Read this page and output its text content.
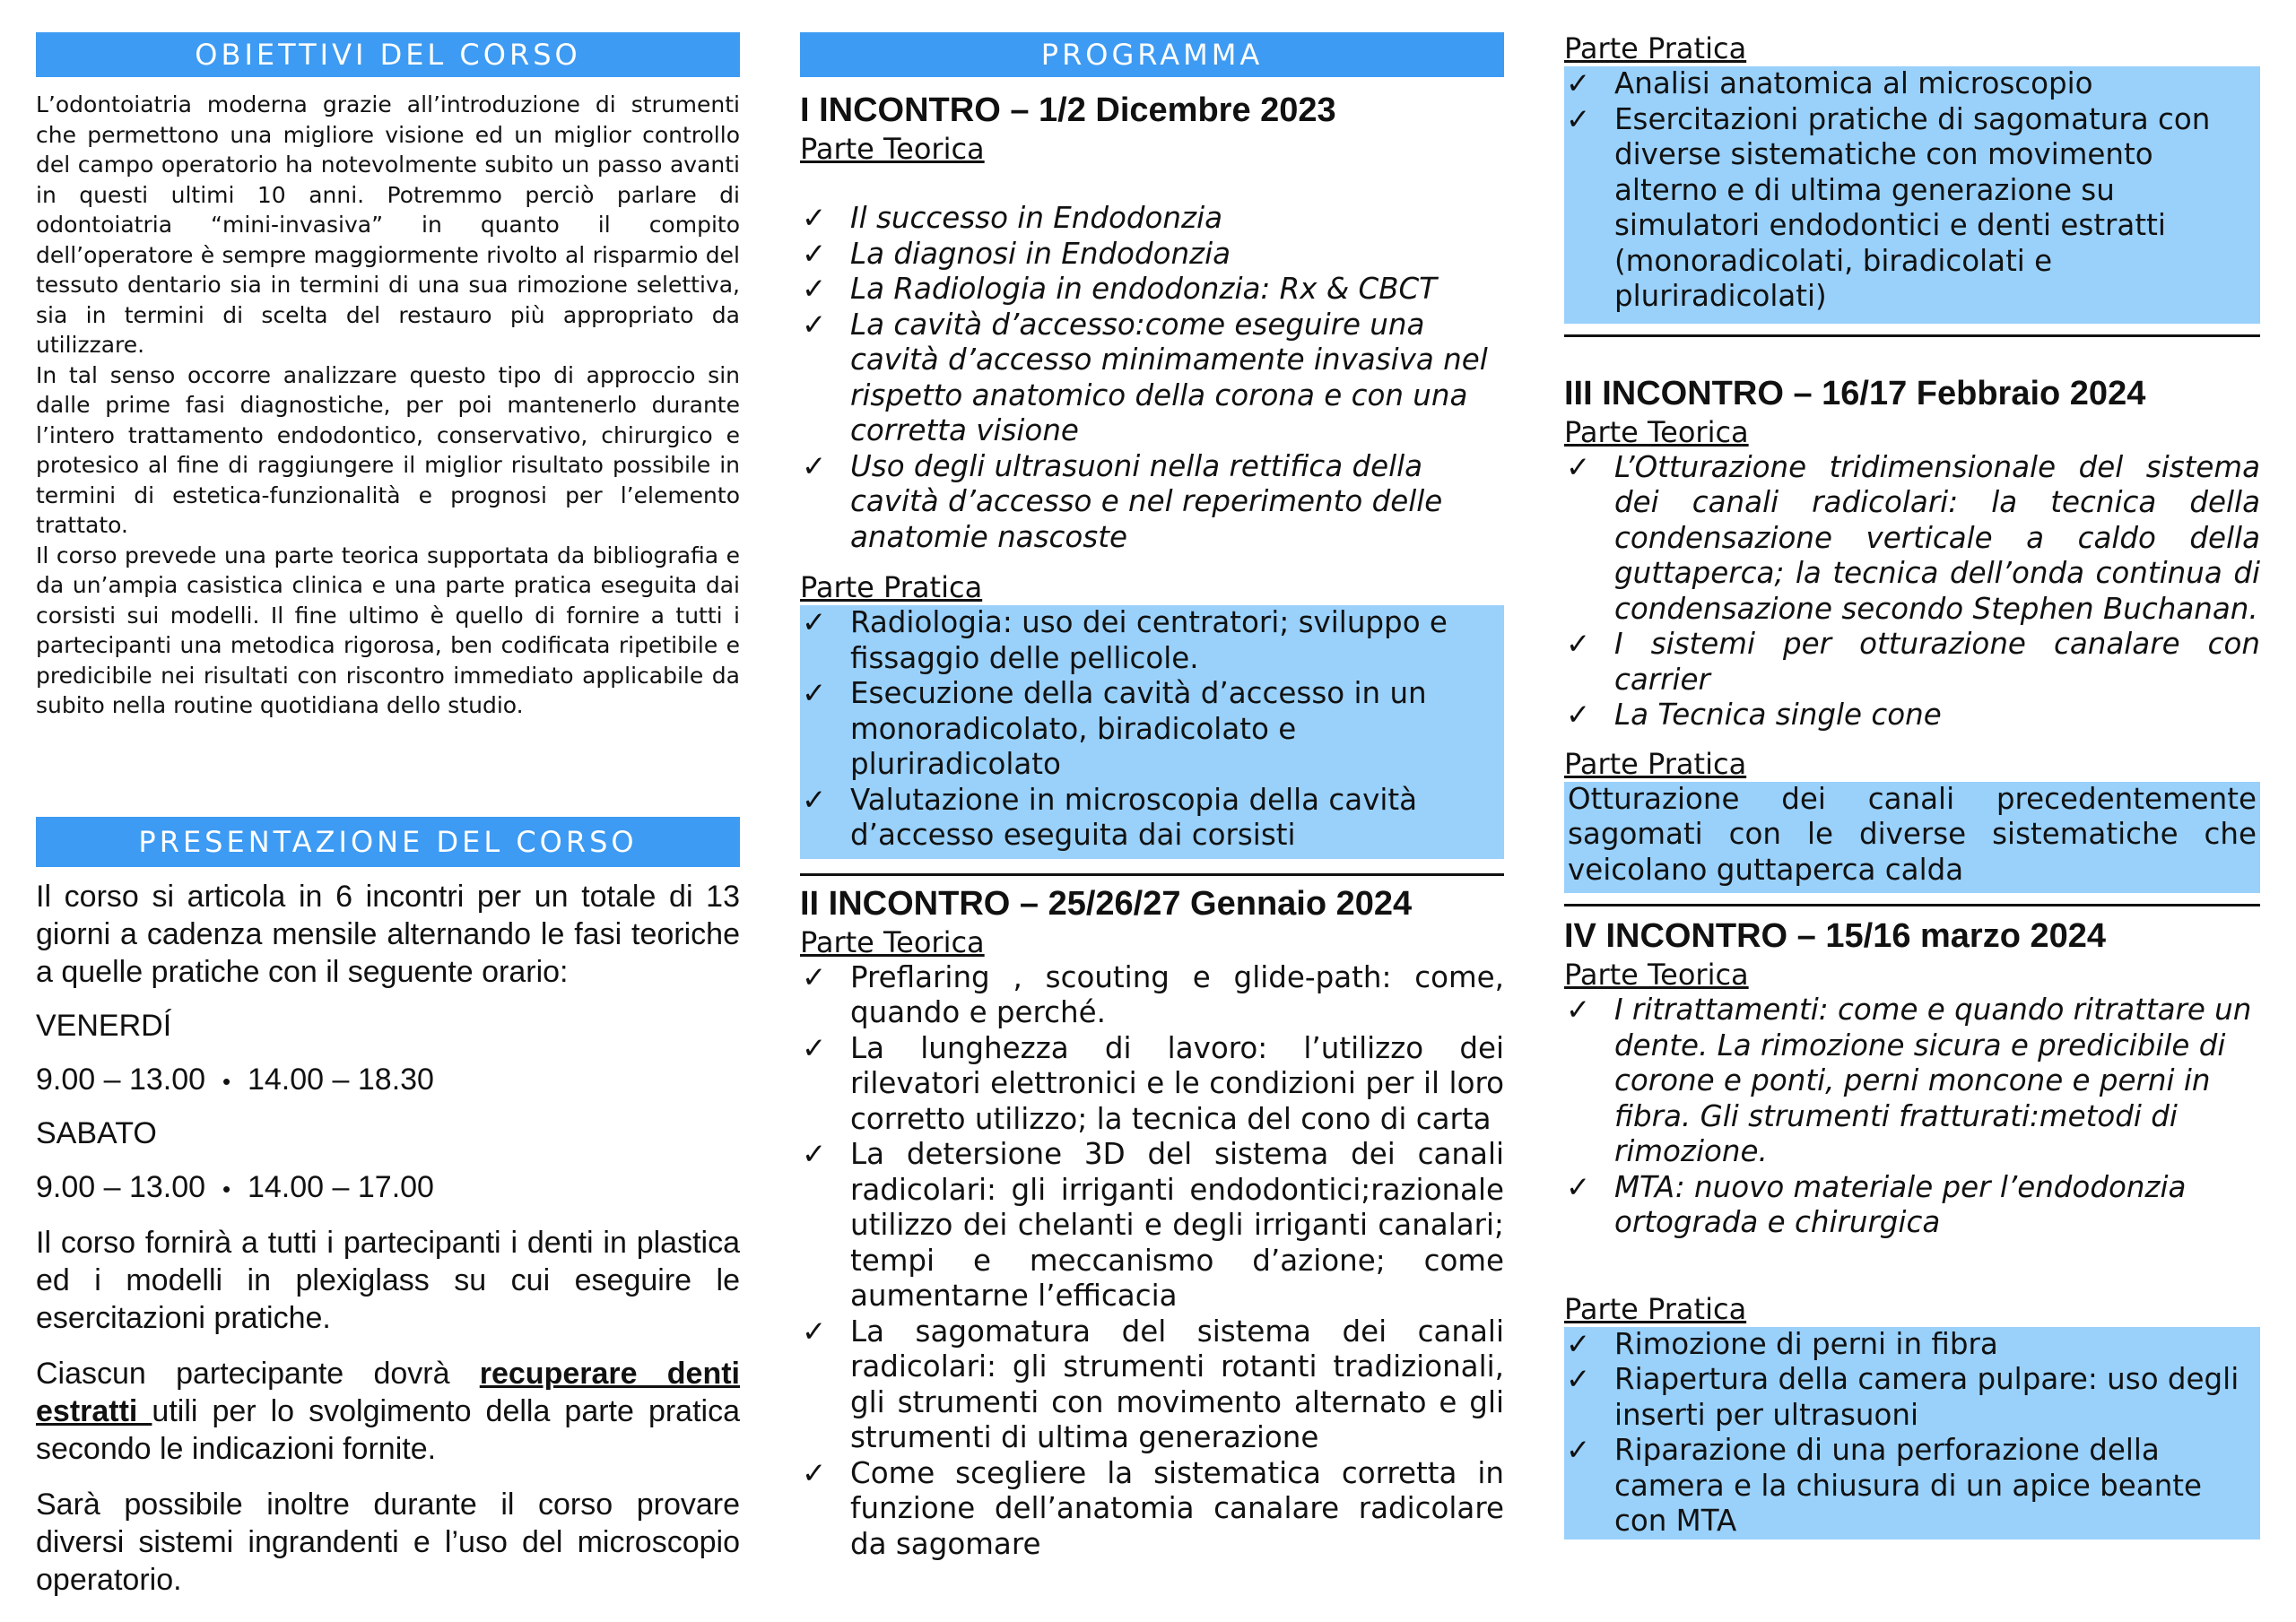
OBIETTIVI DEL CORSO

L’odontoiatria moderna grazie all’introduzione di strumenti che permettono una migliore visione ed un miglior controllo del campo operatorio ha notevolmente subito un passo avanti in questi ultimi 10 anni. Potremmo perciò parlare di odontoiatria “mini-invasiva” in quanto il compito dell’operatore è sempre maggiormente rivolto al risparmio del tessuto dentario sia in termini di una sua rimozione selettiva, sia in termini di scelta del restauro più appropriato da utilizzare.

In tal senso occorre analizzare questo tipo di approccio sin dalle prime fasi diagnostiche, per poi mantenerlo durante l’intero trattamento endodontico, conservativo, chirurgico e protesico al fine di raggiungere il miglior risultato possibile in termini di estetica-funzionalità e prognosi per l’elemento trattato.

Il corso prevede una parte teorica supportata da bibliografia e da un’ampia casistica clinica e una parte pratica eseguita dai corsisti sui modelli. Il fine ultimo è quello di fornire a tutti i partecipanti una metodica rigorosa, ben codificata ripetibile e predicibile nei risultati con riscontro immediato applicabile da subito nella routine quotidiana dello studio.

PRESENTAZIONE DEL CORSO

Il corso si articola in 6 incontri per un totale di 13 giorni a cadenza mensile alternando le fasi teoriche a quelle pratiche con il seguente orario:

VENERDÍ

9.00 – 13.00 • 14.00 – 18.30

SABATO

9.00 – 13.00 • 14.00 – 17.00

Il corso fornirà a tutti i partecipanti i denti in plastica ed i modelli in plexiglass su cui eseguire le esercitazioni pratiche.

Ciascun partecipante dovrà recuperare denti estratti utili per lo svolgimento della parte pratica secondo le indicazioni fornite.

Sarà possibile inoltre durante il corso provare diversi sistemi ingrandenti e l’uso del microscopio operatorio.

PROGRAMMA
I INCONTRO – 1/2 Dicembre 2023

Parte Teorica

✓ Il successo in Endodonzia
✓ La diagnosi in Endodonzia
✓ La Radiologia in endodonzia: Rx & CBCT
✓ La cavità d’accesso:come eseguire una cavità d’accesso minimamente invasiva nel rispetto anatomico della corona e con una corretta visione
✓ Uso degli ultrasuoni nella rettifica della cavità d’accesso e nel reperimento delle anatomie nascoste

Parte Pratica

✓ Radiologia: uso dei centratori; sviluppo e fissaggio delle pellicole.
✓ Esecuzione della cavità d’accesso in un monoradicolato, biradicolato e pluriradicolato
✓ Valutazione in microscopia della cavità d’accesso eseguita dai corsisti
II INCONTRO – 25/26/27 Gennaio 2024

Parte Teorica

✓ Preflaring , scouting e glide-path: come, quando e perché.
✓ La lunghezza di lavoro: l’utilizzo dei rilevatori elettronici e le condizioni per il loro corretto utilizzo; la tecnica del cono di carta
✓ La detersione 3D del sistema dei canali radicolari: gli irriganti endodontici;razionale utilizzo dei chelanti e degli irriganti canalari; tempi e meccanismo d’azione; come aumentarne l’efficacia
✓ La sagomatura del sistema dei canali radicolari: gli strumenti rotanti tradizionali, gli strumenti con movimento alternato e gli strumenti di ultima generazione
✓ Come scegliere la sistematica corretta in funzione dell’anatomia canalare radicolare da sagomare

Parte Pratica

✓ Analisi anatomica al microscopio
✓ Esercitazioni pratiche di sagomatura con diverse sistematiche con movimento alterno e di ultima generazione su simulatori endodontici e denti estratti (monoradicolati, biradicolati e pluriradicolati)
III INCONTRO – 16/17 Febbraio 2024

Parte Teorica

✓ L’Otturazione tridimensionale del sistema dei canali radicolari: la tecnica della condensazione verticale a caldo della guttaperca; la tecnica dell’onda continua di condensazione secondo Stephen Buchanan.
✓ I sistemi per otturazione canalare con carrier
✓ La Tecnica single cone

Parte Pratica

Otturazione dei canali precedentemente sagomati con le diverse sistematiche che veicolano guttaperca calda

IV INCONTRO – 15/16 marzo 2024

Parte Teorica

✓ I ritrattamenti: come e quando ritrattare un dente. La rimozione sicura e predicibile di corone e ponti, perni moncone e perni in fibra. Gli strumenti fratturati:metodi di rimozione.
✓ MTA: nuovo materiale per l’endodonzia ortograda e chirurgica

Parte Pratica

✓ Rimozione di perni in fibra
✓ Riapertura della camera pulpare: uso degli inserti per ultrasuoni
✓ Riparazione di una perforazione della camera e la chiusura di un apice beante con MTA
